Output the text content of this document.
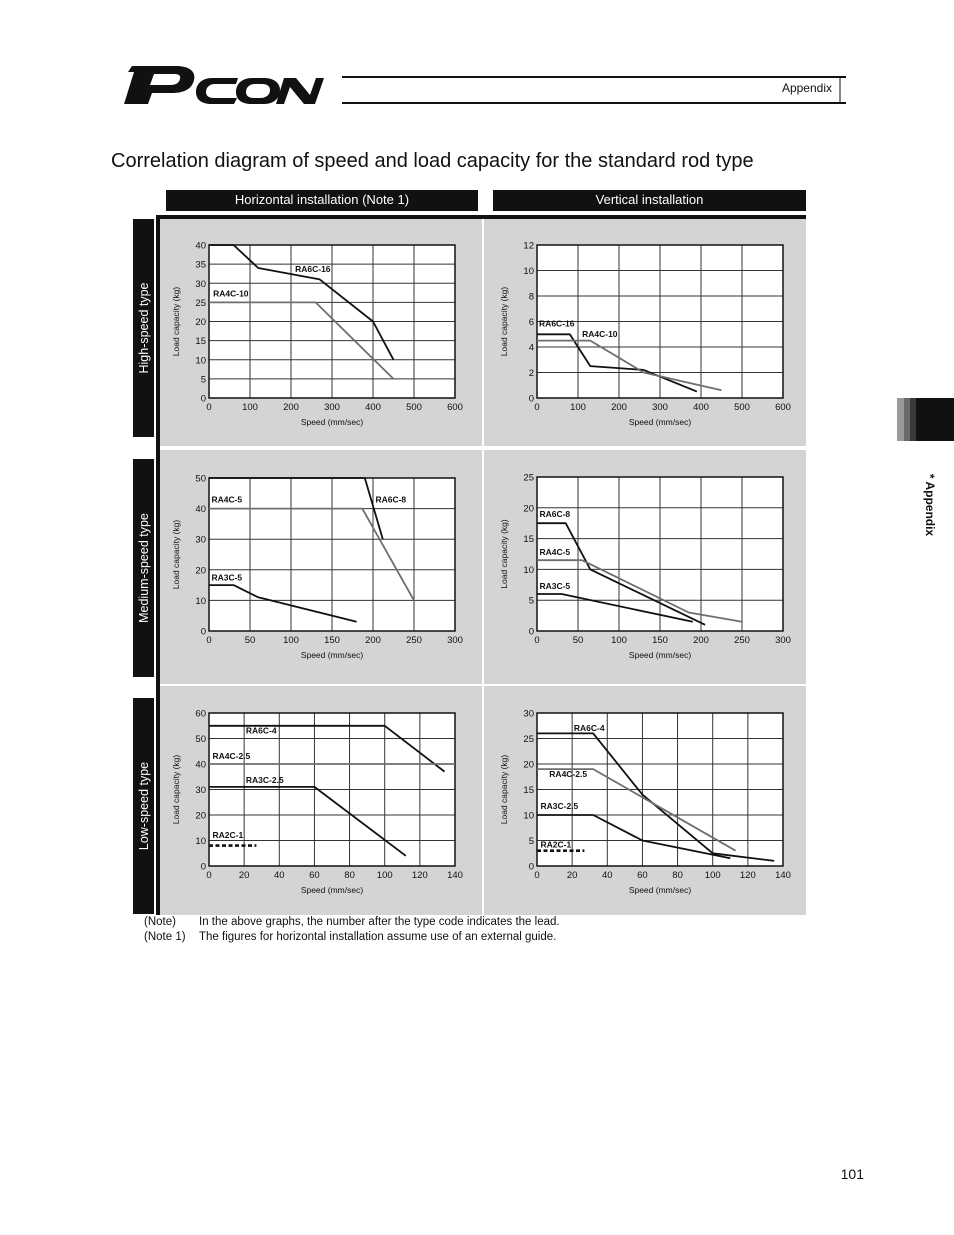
Appendix
Correlation diagram of speed and load capacity for the standard rod type
Horizontal installation (Note 1)	Vertical installation
High-speed type
Medium-speed type
Low-speed type
0	100	200	300	400	500	600
0
5
10
15
20
25
30
35
40
Speed (mm/sec)
Load capacity (kg)
RA6C-16
RA4C-10
0	100	200	300	400	500	600
0
2
4
6
8
10
12
Speed (mm/sec)
Load capacity (kg)	RA6C-16
RA4C-10
0	50	100	150	200	250	300
0
10
20
30
40
50
Speed (mm/sec)
Load capacity (kg)
RA6C-8
RA4C-5
RA3C-5
0	50	100	150	200	250	300
0
5
10
15
20
25
Speed (mm/sec)
Load capacity (kg)
RA6C-8
RA4C-5
RA3C-5
0	20	40	60	80 100 120 140
0
10
20
30
40
50
60
Speed (mm/sec)
Load capacity (kg)
RA6C-4
RA4C-2.5
RA3C-2.5
RA2C-1
0	20	40	60	80 100 120 140
0
5
10
15
20
25
30
Speed (mm/sec)
Load capacity (kg)
RA6C-4
RA4C-2.5
RA3C-2.5
RA2C-1
(Note) In the above graphs, the number after the type code indicates the lead.
(Note 1) The figures for horizontal installation assume use of an external guide.
* Appendix
101
